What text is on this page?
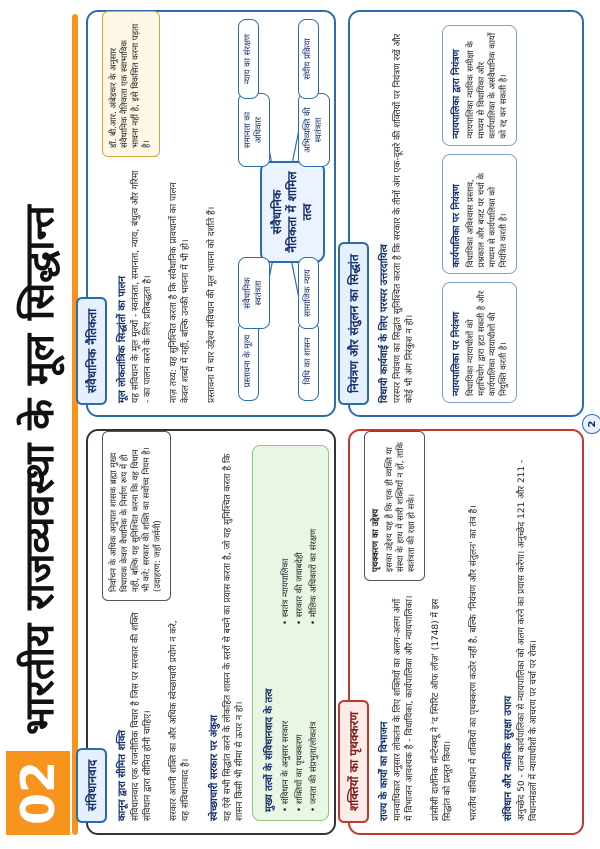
02
भारतीय राजव्यवस्था के मूल सिद्धान्त
संविधानवाद	कानून द्वारा सीमित शक्ति संविधानवाद एक राजनीतिक विचार है जिस पर सरकार की शक्ति संविधान द्वारा सीमित होनी चाहिए। सरकार अपनी शक्ति का और अधिक स्वेच्छाचारी प्रयोग न करे, यह संविधानवाद है।
निर्वाचन के अधिक अनुपात शासक ब्रह्मा मुख्य विधायक केवल वैधानिक के निर्माण रूप में ही नहीं, बल्कि यह सुनिश्चित करना कि वह विधान भी करे; सरकार की शक्ति का सर्वोच्च नियम है। (उदाहरण: जहाँ जर्मनी)
स्वेच्छाचारी सरकार पर अंकुश यह ऐसे सभी सिद्धांत करने के लोकहित शासन के स्तरों से बचने का प्रयास करता है, जो यह सुनिश्चित करता है कि शासन किसी भी सीमा से ऊपर न हो।	मुख्य तत्वों के संविधानवाद के तत्व
• संविधान के अनुसार सरकार
• स्वतंत्र न्यायपालिका
• शक्तियों का पृथक्करण
• सरकार की जवाबदेही
• जनता की संप्रभुता/लोकतंत्र
• मौलिक अधिकारों का संरक्षण
शक्तियों का पृथक्करण	राज्य के कार्यों का विभाजन मानवाधिकार अनुसार लोकतंत्र के लिए शक्तियों का अलग-अलग अंगों में विभाजन आवश्यक है - विधायिका, कार्यपालिका और न्यायपालिका। प्रांसीसी दार्शनिक मॉन्टेस्क्यू ने 'द स्पिरिट ऑफ लॉज़' (1748) में इस सिद्धांत को प्रस्तुत किया। भारतीय संविधान में शक्तियों का पृथक्करण कठोर नहीं है, बल्कि 'नियंत्रण और संतुलन' का तंत्र है।	संविधान और न्यायिक सुरक्षा उपाय अनुच्छेद 50 - राज्य कार्यपालिका से न्यायपालिका को अलग करने का प्रयास करेगा। अनुच्छेद 121 और 211 - विधानमंडलों में न्यायाधीशों के आचरण पर चर्चा पर रोक।
पृथक्करण का उद्देश्य इसका उद्देश्य यह है कि एक ही व्यक्ति या संस्था के हाथ में सारी शक्तियाँ न हों, ताकि स्वतंत्रता की रक्षा हो सके।
संवैधानिक नैतिकता	मूल लोकतांत्रिक सिद्धांतों का पालन यह संविधान के मूल मूल्यों - स्वतंत्रता, समानता, न्याय, बंधुत्व और गरिमा - का पालन करने के लिए प्रतिबद्धता है। नाज़ तथ्य: यह सुनिश्चित करता है कि संवैधानिक प्रावधानों का पालन केवल शब्दों में नहीं, बल्कि उनकी भावना में भी हो। प्रस्तावना में चार उद्देश्य संविधान की मूल भावना को दर्शाते हैं।
डॉ. बी.आर. अंबेडकर के अनुसार संवैधानिक नैतिकता एक स्वाभाविक भावना नहीं है, इसे विकसित करना पड़ता है।
संवैधानिक नैतिकता में शामिल तत्व
प्रस्तावना के मूल्य
संवैधानिक स्वतंत्रता
समानता का अधिकार
न्याय का संरक्षण
विधि का शासन
सामाजिक न्याय
अभिव्यक्ति की स्वतंत्रता
संघीय प्रक्रिया
नियंत्रण और संतुलन का सिद्धांत	विधायी कार्यवाई के लिए परस्पर उत्तरदायित्व परस्पर नियंत्रण का सिद्धांत सुनिश्चित करता है कि सरकार के तीनों अंग एक-दूसरे की शक्तियों पर नियंत्रण रखें और कोई भी अंग निरंकुश न हो।	न्यायपालिका पर नियंत्रण विधायिका न्यायाधीशों को महाभियोग द्वारा हटा सकती है और कार्यपालिका न्यायाधीशों की नियुक्ति करती है।
कार्यपालिका पर नियंत्रण विधायिका अविश्वास प्रस्ताव, प्रश्नकाल और बजट पर चर्चा के माध्यम से कार्यपालिका को नियंत्रित करती है।
न्यायपालिका द्वारा नियंत्रण न्यायपालिका न्यायिक समीक्षा के माध्यम से विधायिका और कार्यपालिका के असंवैधानिक कार्यों को रद्द कर सकती है।
2
